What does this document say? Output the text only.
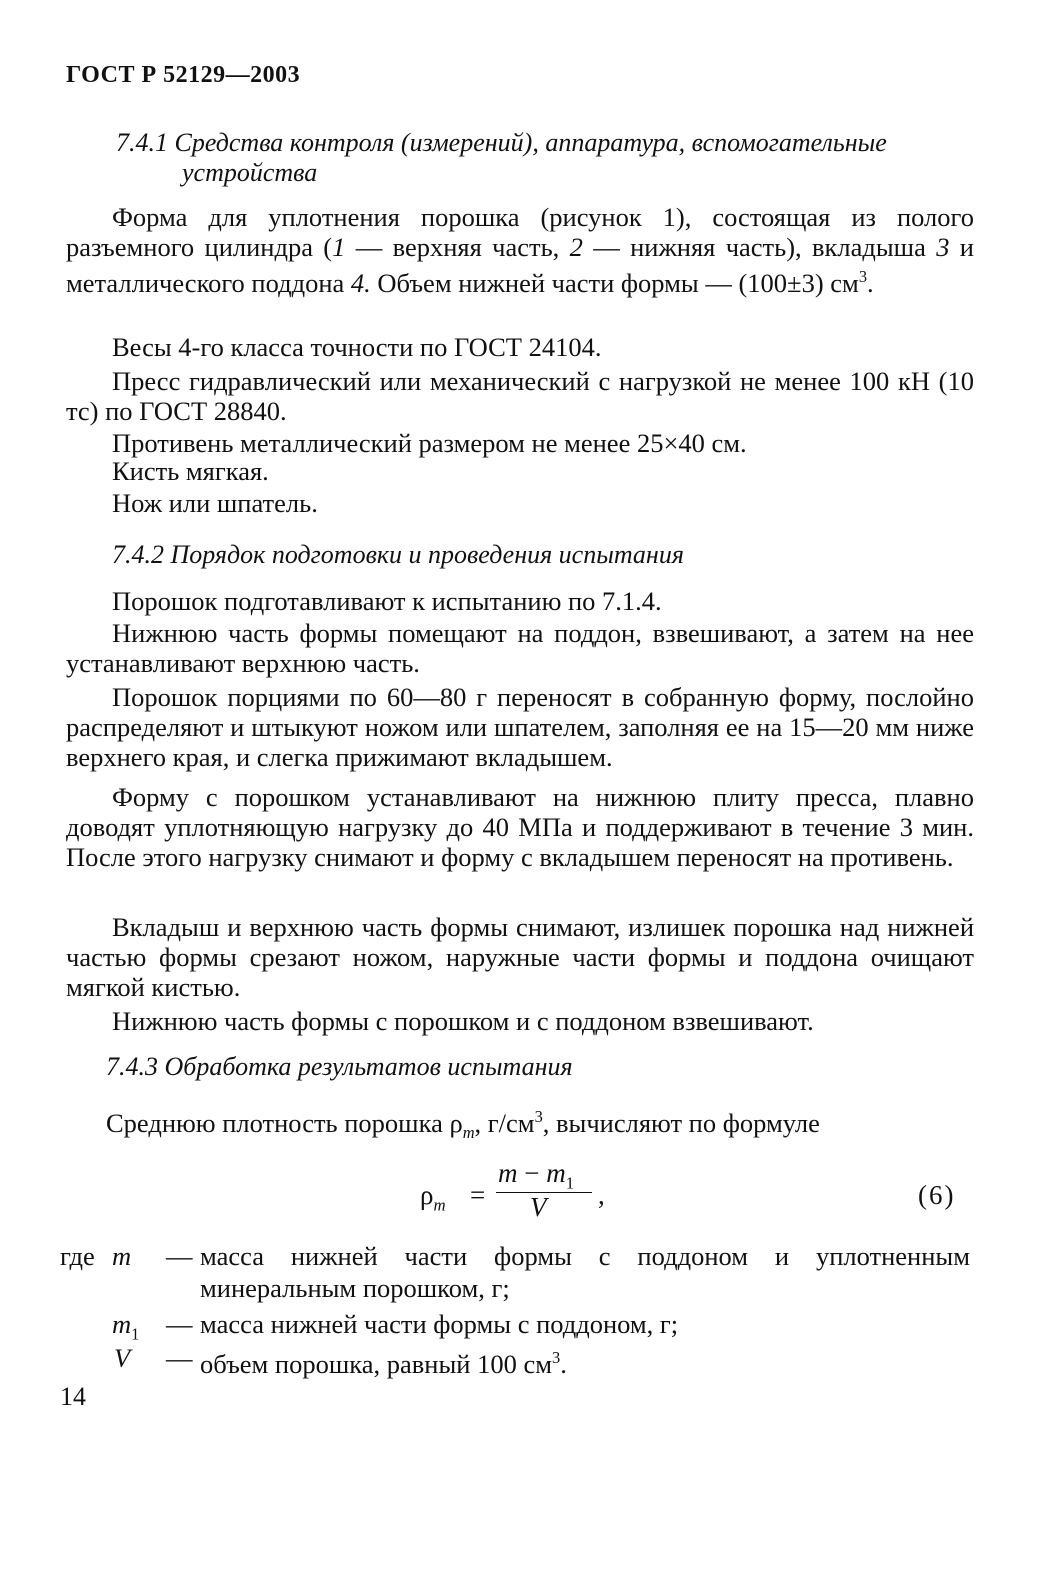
ГОСТ Р 52129—2003
7.4.1 Средства контроля (измерений), аппаратура, вспомогательные
устройства
Форма для уплотнения порошка (рисунок 1), состоящая из полого разъемного цилиндра (1 — верхняя часть, 2 — нижняя часть), вкладыша 3 и металлического поддона 4. Объем нижней части формы — (100±3) $см^3$.
Весы 4-го класса точности по ГОСТ 24104.
Пресс гидравлический или механический с нагрузкой не менее 100 кН (10 тс) по ГОСТ 28840.
Противень металлический размером не менее 25×40 см.
Кисть мягкая.
Нож или шпатель.
7.4.2 Порядок подготовки и проведения испытания
Порошок подготавливают к испытанию по 7.1.4.
Нижнюю часть формы помещают на поддон, взвешивают, а затем на нее устанавливают верхнюю часть.
Порошок порциями по 60—80 г переносят в собранную форму, послойно распределяют и штыкуют ножом или шпателем, заполняя ее на 15—20 мм ниже верхнего края, и слегка прижимают вкладышем.
Форму с порошком устанавливают на нижнюю плиту пресса, плавно доводят уплотняющую нагрузку до 40 МПа и поддерживают в течение 3 мин. После этого нагрузку снимают и форму с вкладышем переносят на противень.
Вкладыш и верхнюю часть формы снимают, излишек порошка над нижней частью формы срезают ножом, наружные части формы и поддона очищают мягкой кистью.
Нижнюю часть формы с порошком и с поддоном взвешивают.
7.4.3 Обработка результатов испытания
Среднюю плотность порошка $\rho_m$, $г/см^3$, вычисляют по формуле
$\rho_m$ =
$m - m_1$
V ,	(6)
где m — масса нижней части формы с поддоном и уплотненным минеральным порошком, г;
$m_1$ — масса нижней части формы с поддоном, г;
V — объем порошка, равный 100 $см^3$.
14
